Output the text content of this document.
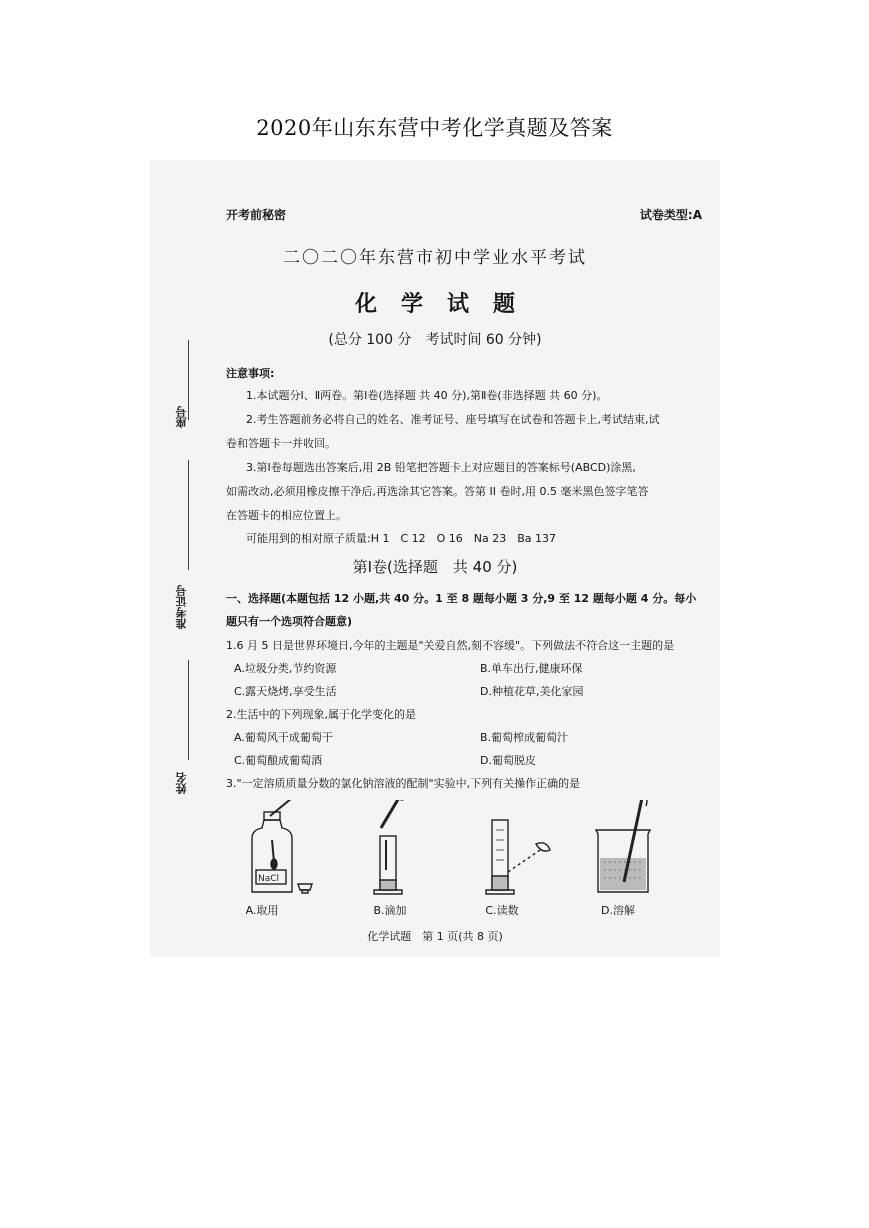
2020年山东东营中考化学真题及答案
开考前秘密	试卷类型:A
二〇二〇年东营市初中学业水平考试
化学试题
(总分 100 分　考试时间 60 分钟)
座号
准考证号
姓名
注意事项:
1.本试题分Ⅰ、Ⅱ两卷。第Ⅰ卷(选择题 共 40 分),第Ⅱ卷(非选择题 共 60 分)。
2.考生答题前务必将自己的姓名、准考证号、座号填写在试卷和答题卡上,考试结束,试
卷和答题卡一并收回。
3.第Ⅰ卷每题选出答案后,用 2B 铅笔把答题卡上对应题目的答案标号(ABCD)涂黑,
如需改动,必须用橡皮擦干净后,再选涂其它答案。答第 II 卷时,用 0.5 毫米黑色签字笔答
在答题卡的相应位置上。
可能用到的相对原子质量:H 1　C 12　O 16　Na 23　Ba 137
第Ⅰ卷(选择题　共 40 分)
一、选择题(本题包括 12 小题,共 40 分。1 至 8 题每小题 3 分,9 至 12 题每小题 4 分。每小
题只有一个选项符合题意)
1.6 月 5 日是世界环境日,今年的主题是"关爱自然,刻不容缓"。下列做法不符合这一主题的是
A.垃圾分类,节约资源	B.单车出行,健康环保
C.露天烧烤,享受生活	D.种植花草,美化家园
2.生活中的下列现象,属于化学变化的是
A.葡萄风干成葡萄干	B.葡萄榨成葡萄汁
C.葡萄酿成葡萄酒	D.葡萄脱皮
3."一定溶质质量分数的氯化钠溶液的配制"实验中,下列有关操作正确的是
NaCl
A.取用	B.滴加	C.读数	D.溶解
化学试题　第 1 页(共 8 页)
